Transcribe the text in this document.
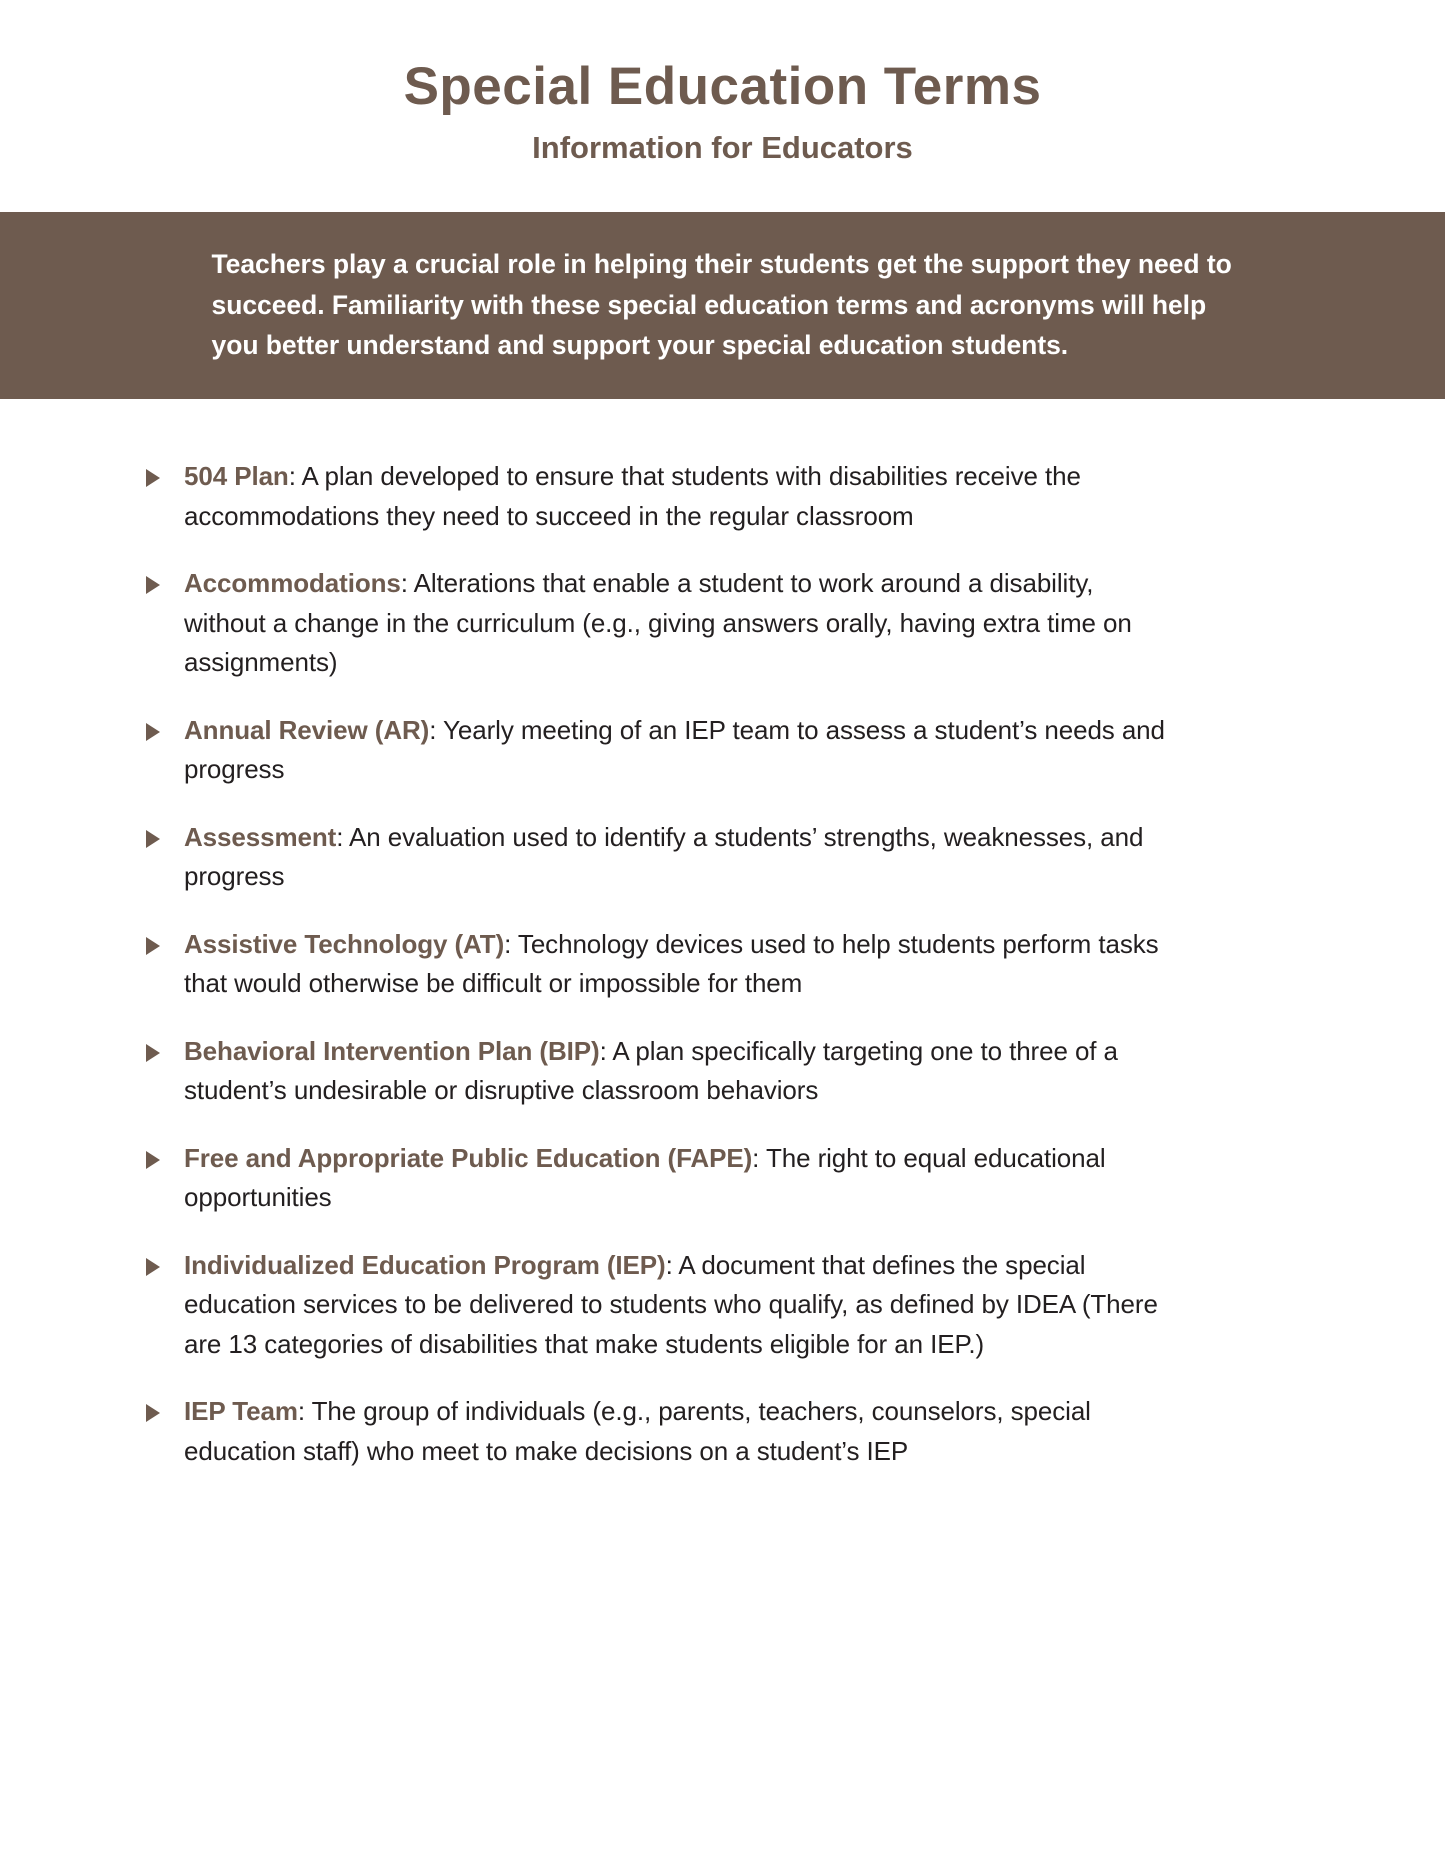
Special Education Terms
Information for Educators

Teachers play a crucial role in helping their students get the support they need to succeed. Familiarity with these special education terms and acronyms will help you better understand and support your special education students.

504 Plan: A plan developed to ensure that students with disabilities receive the accommodations they need to succeed in the regular classroom
Accommodations: Alterations that enable a student to work around a disability, without a change in the curriculum (e.g., giving answers orally, having extra time on assignments)
Annual Review (AR): Yearly meeting of an IEP team to assess a student’s needs and progress
Assessment: An evaluation used to identify a students’ strengths, weaknesses, and progress
Assistive Technology (AT): Technology devices used to help students perform tasks that would otherwise be difficult or impossible for them
Behavioral Intervention Plan (BIP): A plan specifically targeting one to three of a student’s undesirable or disruptive classroom behaviors
Free and Appropriate Public Education (FAPE): The right to equal educational opportunities
Individualized Education Program (IEP): A document that defines the special education services to be delivered to students who qualify, as defined by IDEA (There are 13 categories of disabilities that make students eligible for an IEP.)
IEP Team: The group of individuals (e.g., parents, teachers, counselors, special education staff) who meet to make decisions on a student’s IEP
